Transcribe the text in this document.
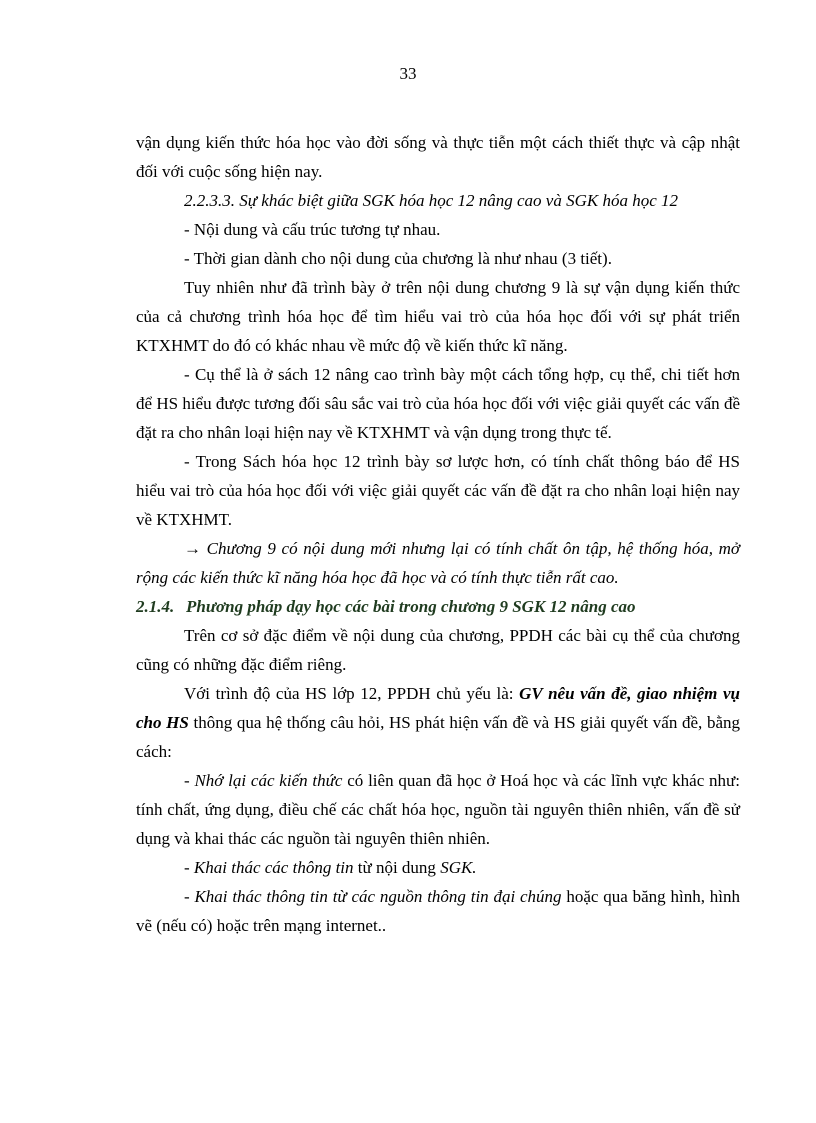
33

vận dụng kiến thức hóa học vào đời sống và thực tiễn một cách thiết thực và cập nhật đối với cuộc sống hiện nay.

2.2.3.3. Sự khác biệt giữa SGK hóa học 12 nâng cao và SGK hóa học 12

- Nội dung và cấu trúc tương tự nhau.

- Thời gian dành cho nội dung của chương là như nhau (3 tiết).

Tuy nhiên như đã trình bày ở trên nội dung chương 9 là sự vận dụng kiến thức của cả chương trình hóa học để tìm hiểu vai trò của hóa học đối với sự phát triển KTXHMT do đó có khác nhau về mức độ về kiến thức kĩ năng.

- Cụ thể là ở sách 12 nâng cao trình bày một cách tổng hợp, cụ thể, chi tiết hơn để HS hiểu được tương đối sâu sắc vai trò của hóa học đối với việc giải quyết các vấn đề đặt ra cho nhân loại hiện nay về KTXHMT và vận dụng trong thực tế.

- Trong Sách hóa học 12 trình bày sơ lược hơn, có tính chất thông báo để HS hiểu vai trò của hóa học đối với việc giải quyết các vấn đề đặt ra cho nhân loại hiện nay về KTXHMT.

→ Chương 9 có nội dung mới nhưng lại có tính chất ôn tập, hệ thống hóa, mở rộng các kiến thức kĩ năng hóa học đã học và có tính thực tiễn rất cao.

2.1.4. Phương pháp dạy học các bài trong chương 9 SGK 12 nâng cao

Trên cơ sở đặc điểm về nội dung của chương, PPDH các bài cụ thể của chương cũng có những đặc điểm riêng.

Với trình độ của HS lớp 12, PPDH chủ yếu là: GV nêu vấn đề, giao nhiệm vụ cho HS thông qua hệ thống câu hỏi, HS phát hiện vấn đề và HS giải quyết vấn đề, bằng cách:

- Nhớ lại các kiến thức có liên quan đã học ở Hoá học và các lĩnh vực khác như: tính chất, ứng dụng, điều chế các chất hóa học, nguồn tài nguyên thiên nhiên, vấn đề sử dụng và khai thác các nguồn tài nguyên thiên nhiên.

- Khai thác các thông tin từ nội dung SGK.

- Khai thác thông tin từ các nguồn thông tin đại chúng hoặc qua băng hình, hình vẽ (nếu có) hoặc trên mạng internet..
